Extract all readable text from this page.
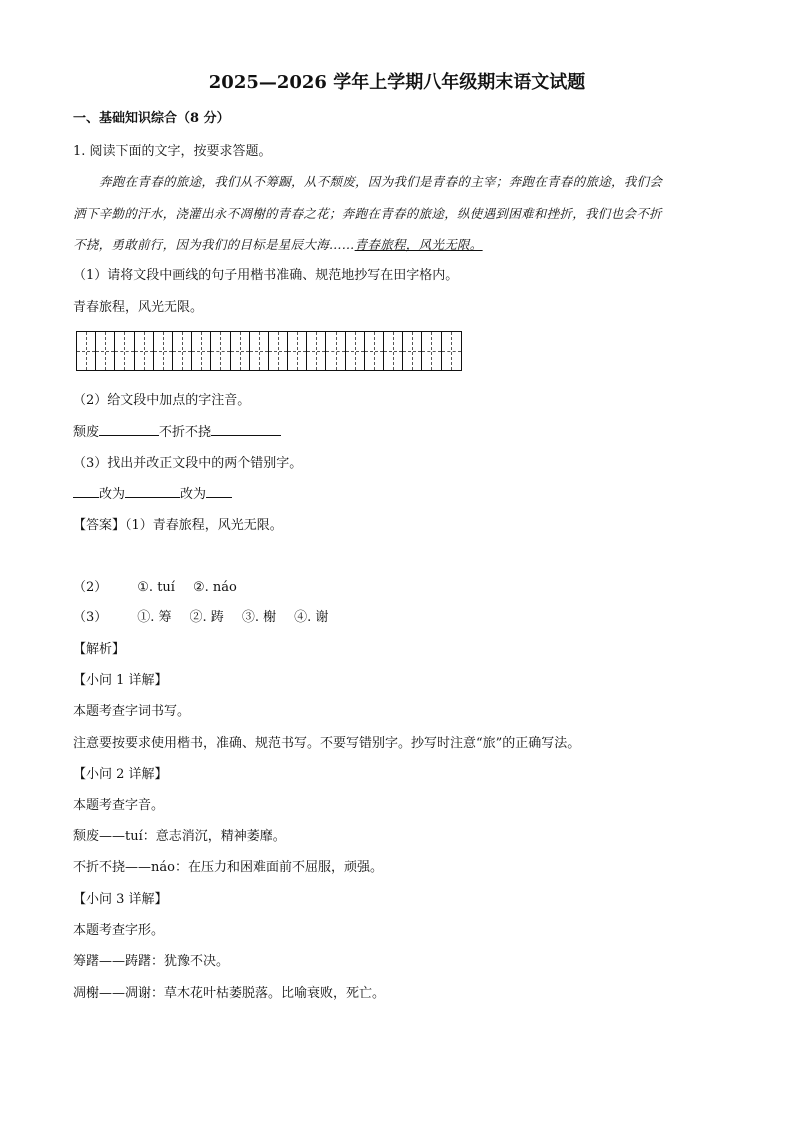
2025—2026 学年上学期八年级期末语文试题
一、基础知识综合（8 分）
1. 阅读下面的文字，按要求答题。
奔跑在青春的旅途，我们从不筹蹰，从不颓废，因为我们是青春的主宰；奔跑在青春的旅途，我们会
洒下辛勤的汗水，浇灌出永不凋榭的青春之花；奔跑在青春的旅途，纵使遇到困难和挫折，我们也会不折
不挠，勇敢前行，因为我们的目标是星辰大海……青春旅程，风光无限。
（1）请将文段中画线的句子用楷书准确、规范地抄写在田字格内。
青春旅程，风光无限。
（2）给文段中加点的字注音。
颓废	不折不挠
（3）找出并改正文段中的两个错别字。
改为	改为
【答案】（1）青春旅程，风光无限。
（2） ①. tuí ②. náo
（3） ①. 筹 ②. 踌 ③. 榭 ④. 谢
【解析】
【小问 1 详解】
本题考查字词书写。
注意要按要求使用楷书，准确、规范书写。不要写错别字。抄写时注意“旅”的正确写法。
【小问 2 详解】
本题考查字音。
颓废——tuí：意志消沉，精神萎靡。
不折不挠——náo：在压力和困难面前不屈服，顽强。
【小问 3 详解】
本题考查字形。
筹躇——踌躇：犹豫不决。
凋榭——凋谢：草木花叶枯萎脱落。比喻衰败，死亡。
